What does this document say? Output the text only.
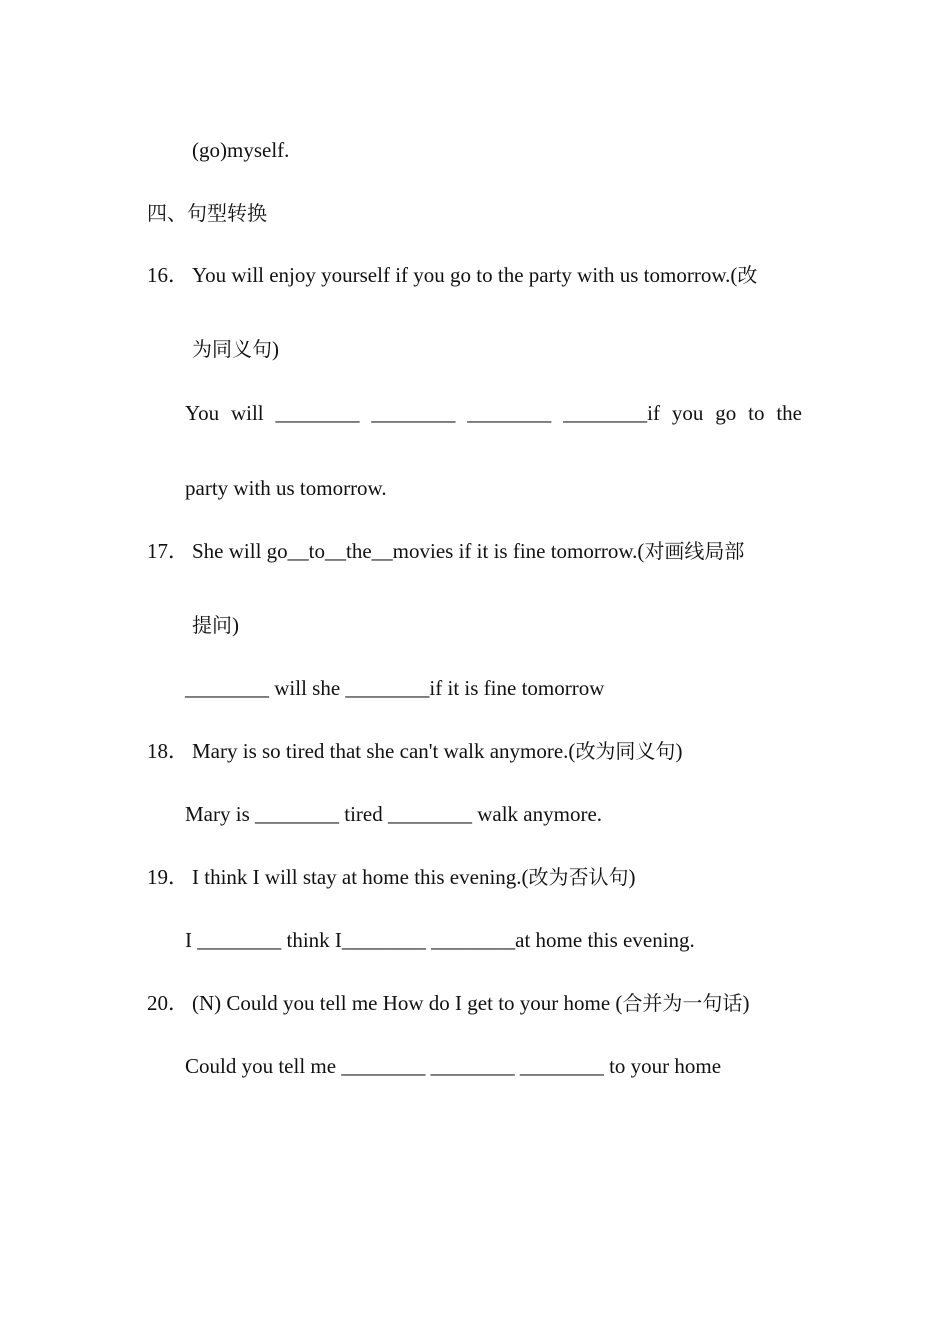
(go)myself.
四、句型转换
16． You will enjoy yourself if you go to the party with us tomorrow.(改
为同义句)
You will ________ ________ ________ ________if you go to the
party with us tomorrow.
17． She will go__to__the__movies if it is fine tomorrow.(对画线局部
提问)
________ will she ________if it is fine tomorrow
18． Mary is so tired that she can't walk anymore.(改为同义句)
Mary is ________ tired ________ walk anymore.
19． I think I will stay at home this evening.(改为否认句)
I ________ think I________ ________at home this evening.
20． (N) Could you tell me How do I get to your home (合并为一句话)
Could you tell me ________ ________ ________ to your home
